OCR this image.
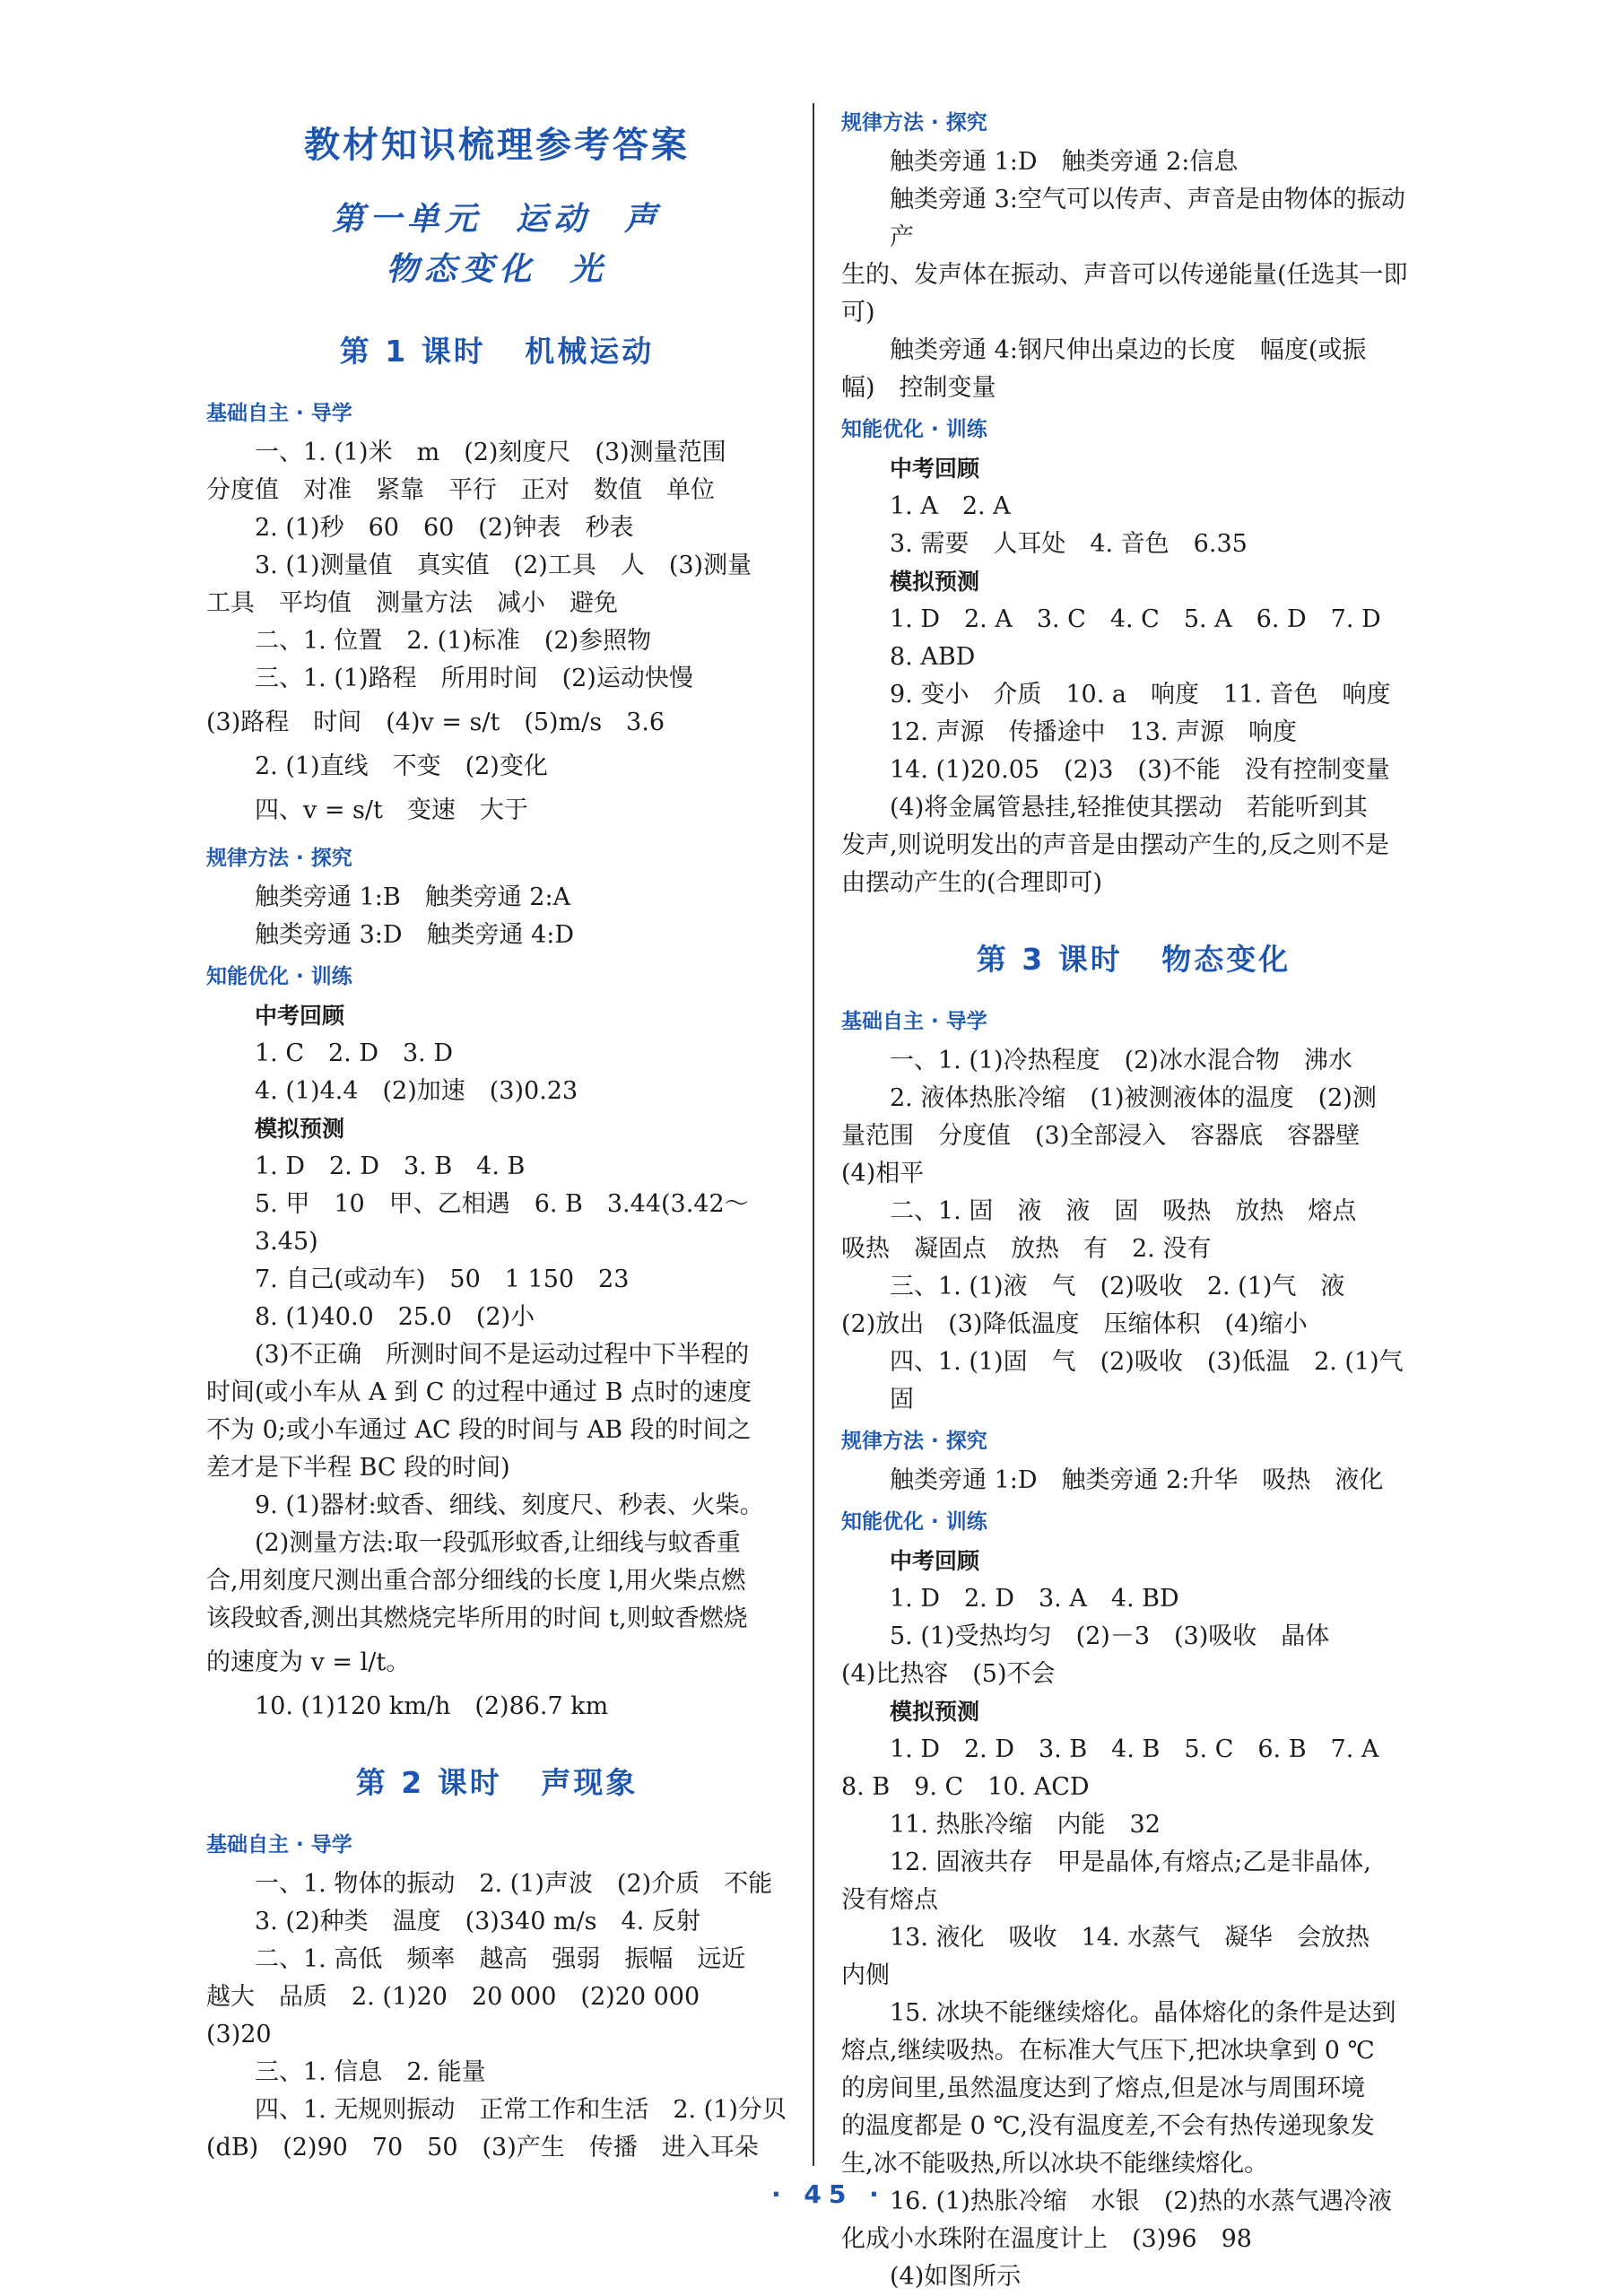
教材知识梳理参考答案
第一单元  运动  声
物态变化  光
第 1 课时   机械运动
基础自主 · 导学
一、1. (1)米　m　(2)刻度尺　(3)测量范围
分度值　对准　紧靠　平行　正对　数值　单位
2. (1)秒　60　60　(2)钟表　秒表
3. (1)测量值　真实值　(2)工具　人　(3)测量
工具　平均值　测量方法　减小　避免
二、1. 位置　2. (1)标准　(2)参照物
三、1. (1)路程　所用时间　(2)运动快慢
(3)路程　时间　(4)v = s/t　(5)m/s　3.6
2. (1)直线　不变　(2)变化
四、v = s/t　变速　大于
规律方法 · 探究
触类旁通 1:B　触类旁通 2:A
触类旁通 3:D　触类旁通 4:D
知能优化 · 训练
中考回顾
1. C　2. D　3. D
4. (1)4.4　(2)加速　(3)0.23
模拟预测
1. D　2. D　3. B　4. B
5. 甲　10　甲、乙相遇　6. B　3.44(3.42～3.45)
7. 自己(或动车)　50　1 150　23
8. (1)40.0　25.0　(2)小
(3)不正确　所测时间不是运动过程中下半程的
时间(或小车从 A 到 C 的过程中通过 B 点时的速度
不为 0;或小车通过 AC 段的时间与 AB 段的时间之
差才是下半程 BC 段的时间)
9. (1)器材:蚊香、细线、刻度尺、秒表、火柴。
(2)测量方法:取一段弧形蚊香,让细线与蚊香重
合,用刻度尺测出重合部分细线的长度 l,用火柴点燃
该段蚊香,测出其燃烧完毕所用的时间 t,则蚊香燃烧
的速度为 v = l/t。
10. (1)120 km/h　(2)86.7 km
第 2 课时   声现象
基础自主 · 导学
一、1. 物体的振动　2. (1)声波　(2)介质　不能
3. (2)种类　温度　(3)340 m/s　4. 反射
二、1. 高低　频率　越高　强弱　振幅　远近
越大　品质　2. (1)20　20 000　(2)20 000　(3)20
三、1. 信息　2. 能量
四、1. 无规则振动　正常工作和生活　2. (1)分贝
(dB)　(2)90　70　50　(3)产生　传播　进入耳朵
规律方法 · 探究
触类旁通 1:D　触类旁通 2:信息
触类旁通 3:空气可以传声、声音是由物体的振动产
生的、发声体在振动、声音可以传递能量(任选其一即可)
触类旁通 4:钢尺伸出桌边的长度　幅度(或振
幅)　控制变量
知能优化 · 训练
中考回顾
1. A　2. A
3. 需要　人耳处　4. 音色　6.35
模拟预测
1. D　2. A　3. C　4. C　5. A　6. D　7. D　8. ABD
9. 变小　介质　10. a　响度　11. 音色　响度
12. 声源　传播途中　13. 声源　响度
14. (1)20.05　(2)3　(3)不能　没有控制变量
(4)将金属管悬挂,轻推使其摆动　若能听到其
发声,则说明发出的声音是由摆动产生的,反之则不是
由摆动产生的(合理即可)
第 3 课时   物态变化
基础自主 · 导学
一、1. (1)冷热程度　(2)冰水混合物　沸水
2. 液体热胀冷缩　(1)被测液体的温度　(2)测
量范围　分度值　(3)全部浸入　容器底　容器壁
(4)相平
二、1. 固　液　液　固　吸热　放热　熔点
吸热　凝固点　放热　有　2. 没有
三、1. (1)液　气　(2)吸收　2. (1)气　液
(2)放出　(3)降低温度　压缩体积　(4)缩小
四、1. (1)固　气　(2)吸收　(3)低温　2. (1)气　固
规律方法 · 探究
触类旁通 1:D　触类旁通 2:升华　吸热　液化
知能优化 · 训练
中考回顾
1. D　2. D　3. A　4. BD
5. (1)受热均匀　(2)－3　(3)吸收　晶体
(4)比热容　(5)不会
模拟预测
1. D　2. D　3. B　4. B　5. C　6. B　7. A
8. B　9. C　10. ACD
11. 热胀冷缩　内能　32
12. 固液共存　甲是晶体,有熔点;乙是非晶体,
没有熔点
13. 液化　吸收　14. 水蒸气　凝华　会放热
内侧
15. 冰块不能继续熔化。晶体熔化的条件是达到
熔点,继续吸热。在标准大气压下,把冰块拿到 0 ℃
的房间里,虽然温度达到了熔点,但是冰与周围环境
的温度都是 0 ℃,没有温度差,不会有热传递现象发
生,冰不能吸热,所以冰块不能继续熔化。
16. (1)热胀冷缩　水银　(2)热的水蒸气遇冷液
化成小水珠附在温度计上　(3)96　98
(4)如图所示
· 45 ·
